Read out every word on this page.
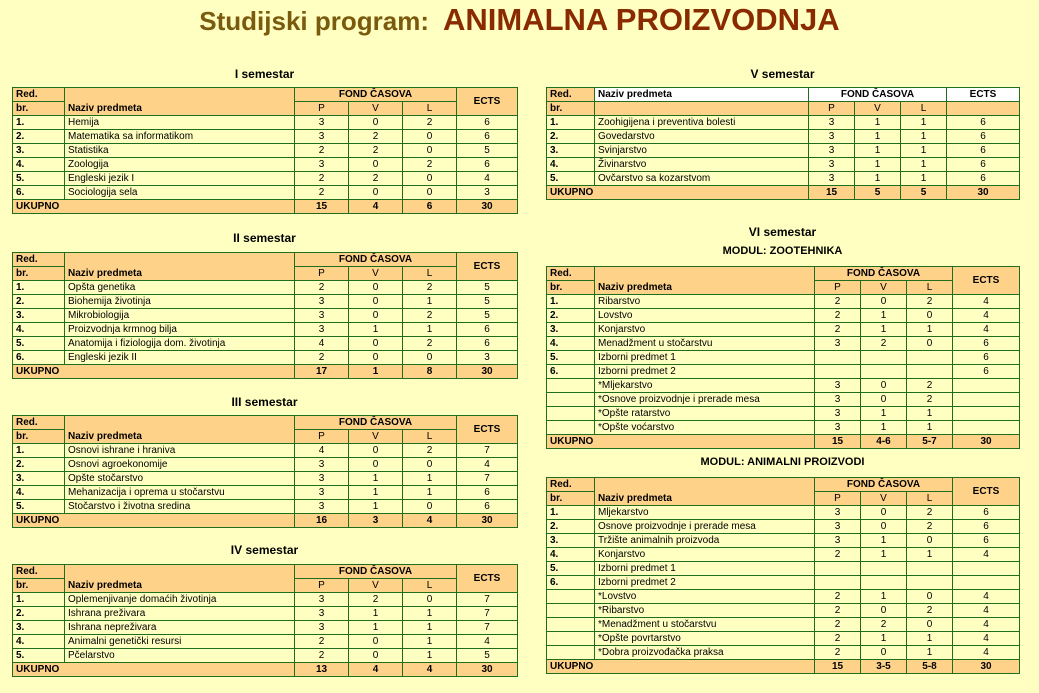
Studijski program: ANIMALNA PROIZVODNJA
I semestar
Red.	Naziv predmeta	FOND ČASOVA			ECTS
br.		P	V	L	
1.	Hemija	3	0	2	6
2.	Matematika sa informatikom	3	2	0	6
3.	Statistika	2	2	0	5
4.	Zoologija	3	0	2	6
5.	Engleski jezik I	2	2	0	4
6.	Sociologija sela	2	0	0	3
UKUPNO		15	4	6	30
II semestar
Red.	Naziv predmeta	FOND ČASOVA			ECTS
br.		P	V	L	
1.	Opšta genetika	2	0	2	5
2.	Biohemija životinja	3	0	1	5
3.	Mikrobiologija	3	0	2	5
4.	Proizvodnja krmnog bilja	3	1	1	6
5.	Anatomija i fiziologija dom. životinja	4	0	2	6
6.	Engleski jezik II	2	0	0	3
UKUPNO		17	1	8	30
III semestar
Red.	Naziv predmeta	FOND ČASOVA			ECTS
br.		P	V	L	
1.	Osnovi ishrane i hraniva	4	0	2	7
2.	Osnovi agroekonomije	3	0	0	4
3.	Opšte stočarstvo	3	1	1	7
4.	Mehanizacija i oprema u stočarstvu	3	1	1	6
5.	Stočarstvo i životna sredina	3	1	0	6
UKUPNO		16	3	4	30
IV semestar
Red.	Naziv predmeta	FOND ČASOVA			ECTS
br.		P	V	L	
1.	Oplemenjivanje domaćih životinja	3	2	0	7
2.	Ishrana preživara	3	1	1	7
3.	Ishrana nepreživara	3	1	1	7
4.	Animalni genetički resursi	2	0	1	4
5.	Pčelarstvo	2	0	1	5
UKUPNO		13	4	4	30
V semestar
Red.	Naziv predmeta	FOND ČASOVA			ECTS
br.		P	V	L	
1.	Zoohigijena i preventiva bolesti	3	1	1	6
2.	Govedarstvo	3	1	1	6
3.	Svinjarstvo	3	1	1	6
4.	Živinarstvo	3	1	1	6
5.	Ovčarstvo sa kozarstvom	3	1	1	6
UKUPNO		15	5	5	30
VI semestar
MODUL: ZOOTEHNIKA
Red.	Naziv predmeta	FOND ČASOVA			ECTS
br.		P	V	L	
1.	Ribarstvo	2	0	2	4
2.	Lovstvo	2	1	0	4
3.	Konjarstvo	2	1	1	4
4.	Menadžment u stočarstvu	3	2	0	6
5.	Izborni predmet 1				6
6.	Izborni predmet 2				6
	*Mljekarstvo	3	0	2	
	*Osnove proizvodnje i prerade mesa	3	0	2	
	*Opšte ratarstvo	3	1	1	
	*Opšte voćarstvo	3	1	1	
UKUPNO		15	4-6	5-7	30
MODUL: ANIMALNI PROIZVODI
Red.	Naziv predmeta	FOND ČASOVA			ECTS
br.		P	V	L	
1.	Mljekarstvo	3	0	2	6
2.	Osnove proizvodnje i prerade mesa	3	0	2	6
3.	Tržište animalnih proizvoda	3	1	0	6
4.	Konjarstvo	2	1	1	4
5.	Izborni predmet 1				
6.	Izborni predmet 2				
	*Lovstvo	2	1	0	4
	*Ribarstvo	2	0	2	4
	*Menadžment u stočarstvu	2	2	0	4
	*Opšte povrtarstvo	2	1	1	4
	*Dobra proizvođačka praksa	2	0	1	4
UKUPNO		15	3-5	5-8	30
